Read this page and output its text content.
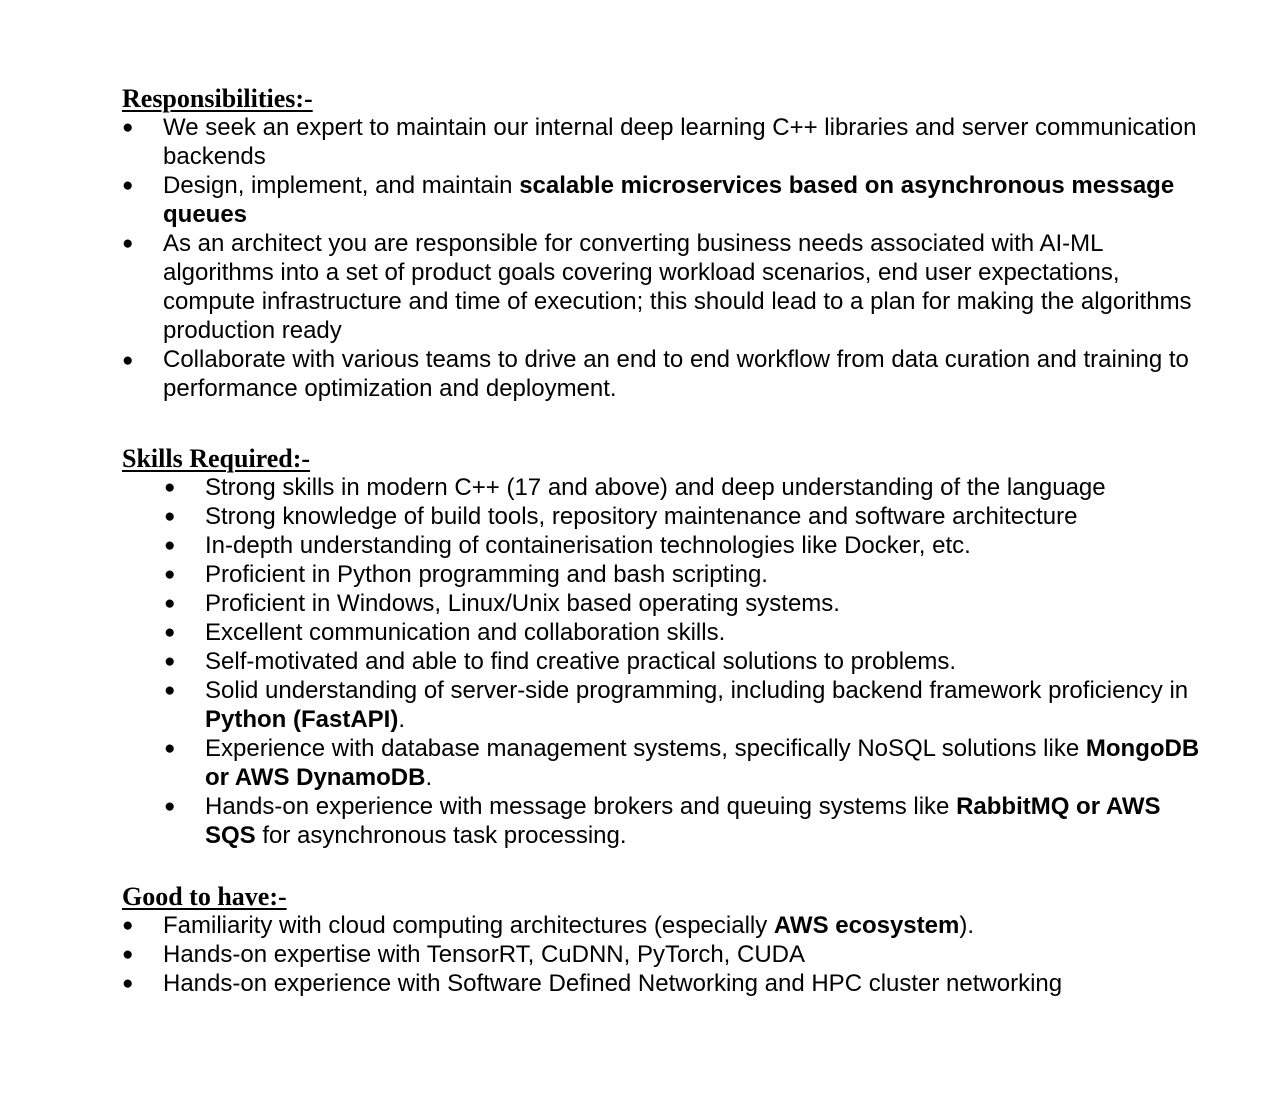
Responsibilities:-
●	We seek an expert to maintain our internal deep learning C++ libraries and server communication backends
●	Design, implement, and maintain scalable microservices based on asynchronous message queues
●	As an architect you are responsible for converting business needs associated with AI-ML algorithms into a set of product goals covering workload scenarios, end user expectations, compute infrastructure and time of execution; this should lead to a plan for making the algorithms production ready
●	Collaborate with various teams to drive an end to end workflow from data curation and training to performance optimization and deployment.
Skills Required:-
●	Strong skills in modern C++ (17 and above) and deep understanding of the language
●	Strong knowledge of build tools, repository maintenance and software architecture
●	In-depth understanding of containerisation technologies like Docker, etc.
●	Proficient in Python programming and bash scripting.
●	Proficient in Windows, Linux/Unix based operating systems.
●	Excellent communication and collaboration skills.
●	Self-motivated and able to find creative practical solutions to problems.
●	Solid understanding of server-side programming, including backend framework proficiency in Python (FastAPI).
●	Experience with database management systems, specifically NoSQL solutions like MongoDB or AWS DynamoDB.
●	Hands-on experience with message brokers and queuing systems like RabbitMQ or AWS SQS for asynchronous task processing.
Good to have:-
●	Familiarity with cloud computing architectures (especially AWS ecosystem).
●	Hands-on expertise with TensorRT, CuDNN, PyTorch, CUDA
●	Hands-on experience with Software Defined Networking and HPC cluster networking
